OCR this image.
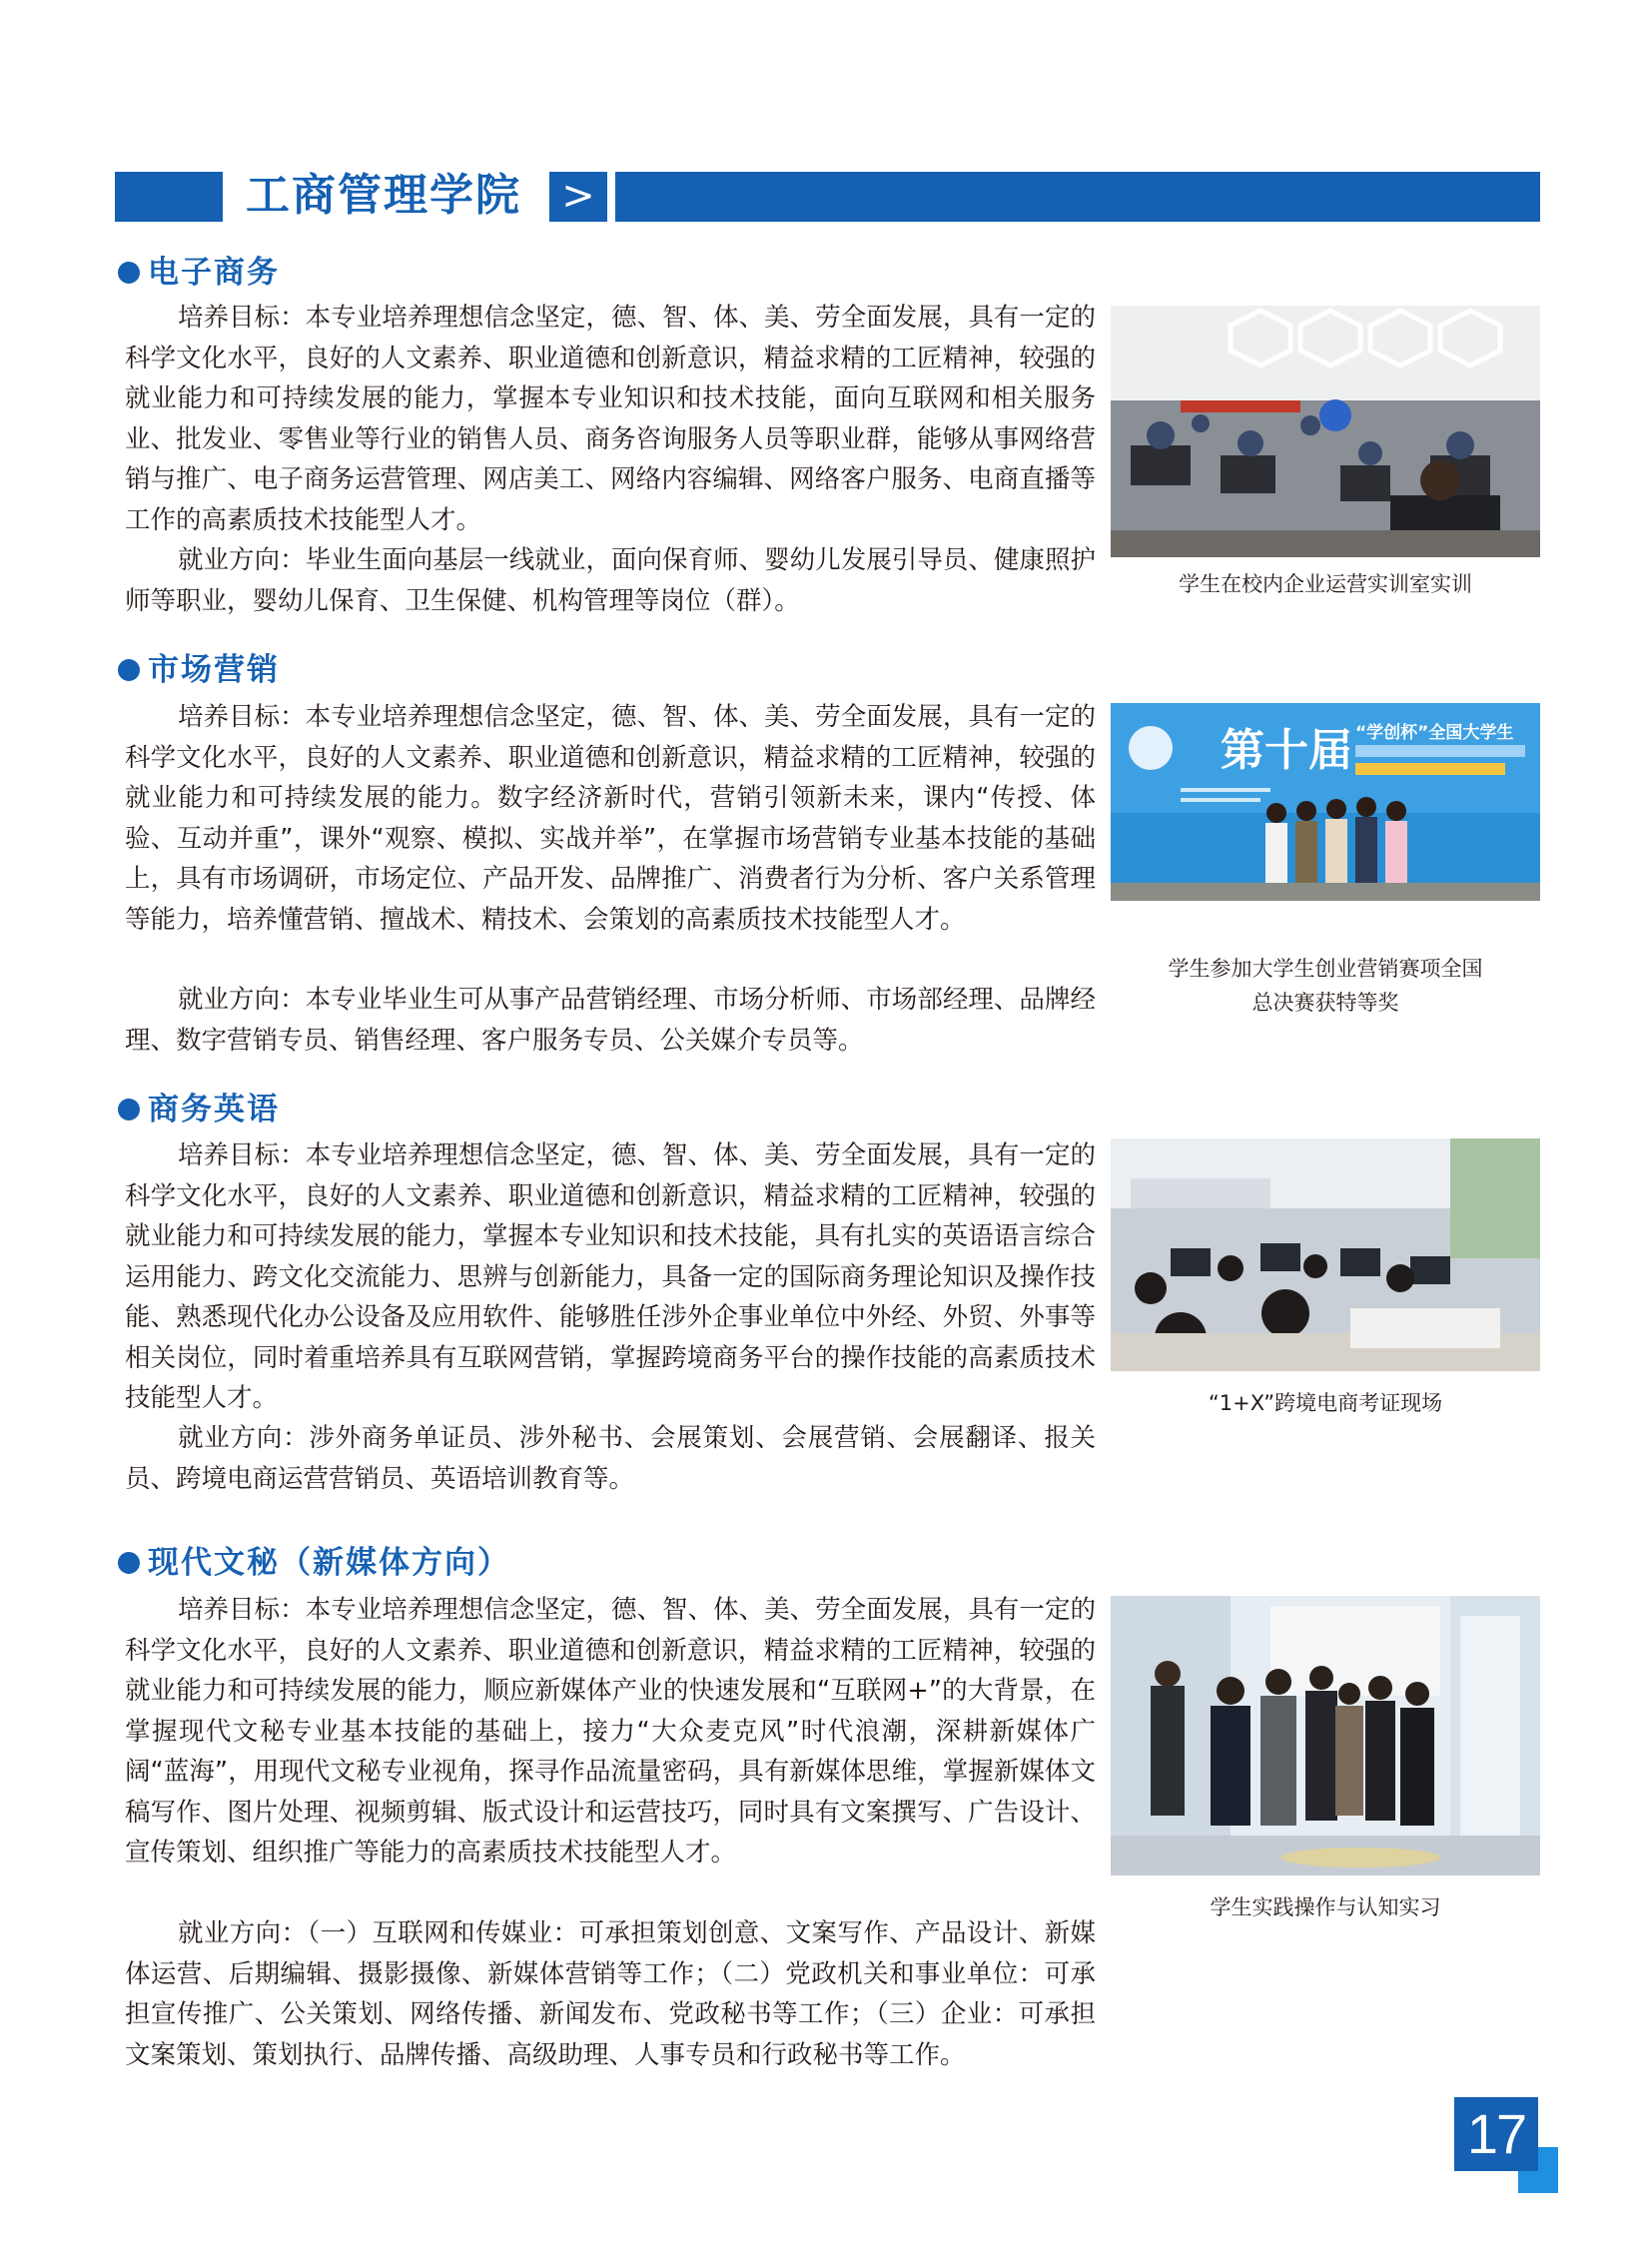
工商管理学院	>
电子商务

培养目标：本专业培养理想信念坚定，德、智、体、美、劳全面发展，具有一定的科学文化水平，良好的人文素养、职业道德和创新意识，精益求精的工匠精神，较强的就业能力和可持续发展的能力，掌握本专业知识和技术技能，面向互联网和相关服务业、批发业、零售业等行业的销售人员、商务咨询服务人员等职业群，能够从事网络营销与推广、电子商务运营管理、网店美工、网络内容编辑、网络客户服务、电商直播等工作的高素质技术技能型人才。

就业方向：毕业生面向基层一线就业，面向保育师、婴幼儿发展引导员、健康照护师等职业，婴幼儿保育、卫生保健、机构管理等岗位（群）。

学生在校内企业运营实训室实训
市场营销

培养目标：本专业培养理想信念坚定，德、智、体、美、劳全面发展，具有一定的科学文化水平，良好的人文素养、职业道德和创新意识，精益求精的工匠精神，较强的就业能力和可持续发展的能力。数字经济新时代，营销引领新未来，课内“传授、体验、互动并重”，课外“观察、模拟、实战并举”，在掌握市场营销专业基本技能的基础上，具有市场调研，市场定位、产品开发、品牌推广、消费者行为分析、客户关系管理等能力，培养懂营销、擅战术、精技术、会策划的高素质技术技能型人才。

就业方向：本专业毕业生可从事产品营销经理、市场分析师、市场部经理、品牌经理、数字营销专员、销售经理、客户服务专员、公关媒介专员等。

第十届 “学创杯”全国大学生
学生参加大学生创业营销赛项全国
总决赛获特等奖
商务英语

培养目标：本专业培养理想信念坚定，德、智、体、美、劳全面发展，具有一定的科学文化水平，良好的人文素养、职业道德和创新意识，精益求精的工匠精神，较强的就业能力和可持续发展的能力，掌握本专业知识和技术技能，具有扎实的英语语言综合运用能力、跨文化交流能力、思辨与创新能力，具备一定的国际商务理论知识及操作技能、熟悉现代化办公设备及应用软件、能够胜任涉外企事业单位中外经、外贸、外事等相关岗位，同时着重培养具有互联网营销，掌握跨境商务平台的操作技能的高素质技术技能型人才。

就业方向：涉外商务单证员、涉外秘书、会展策划、会展营销、会展翻译、报关员、跨境电商运营营销员、英语培训教育等。

“1+X”跨境电商考证现场
现代文秘（新媒体方向）

培养目标：本专业培养理想信念坚定，德、智、体、美、劳全面发展，具有一定的科学文化水平，良好的人文素养、职业道德和创新意识，精益求精的工匠精神，较强的就业能力和可持续发展的能力，顺应新媒体产业的快速发展和“互联网+”的大背景，在掌握现代文秘专业基本技能的基础上，接力“大众麦克风”时代浪潮，深耕新媒体广阔“蓝海”，用现代文秘专业视角，探寻作品流量密码，具有新媒体思维，掌握新媒体文稿写作、图片处理、视频剪辑、版式设计和运营技巧，同时具有文案撰写、广告设计、宣传策划、组织推广等能力的高素质技术技能型人才。

就业方向：（一）互联网和传媒业：可承担策划创意、文案写作、产品设计、新媒体运营、后期编辑、摄影摄像、新媒体营销等工作；（二）党政机关和事业单位：可承担宣传推广、公关策划、网络传播、新闻发布、党政秘书等工作；（三）企业：可承担文案策划、策划执行、品牌传播、高级助理、人事专员和行政秘书等工作。

学生实践操作与认知实习
17
